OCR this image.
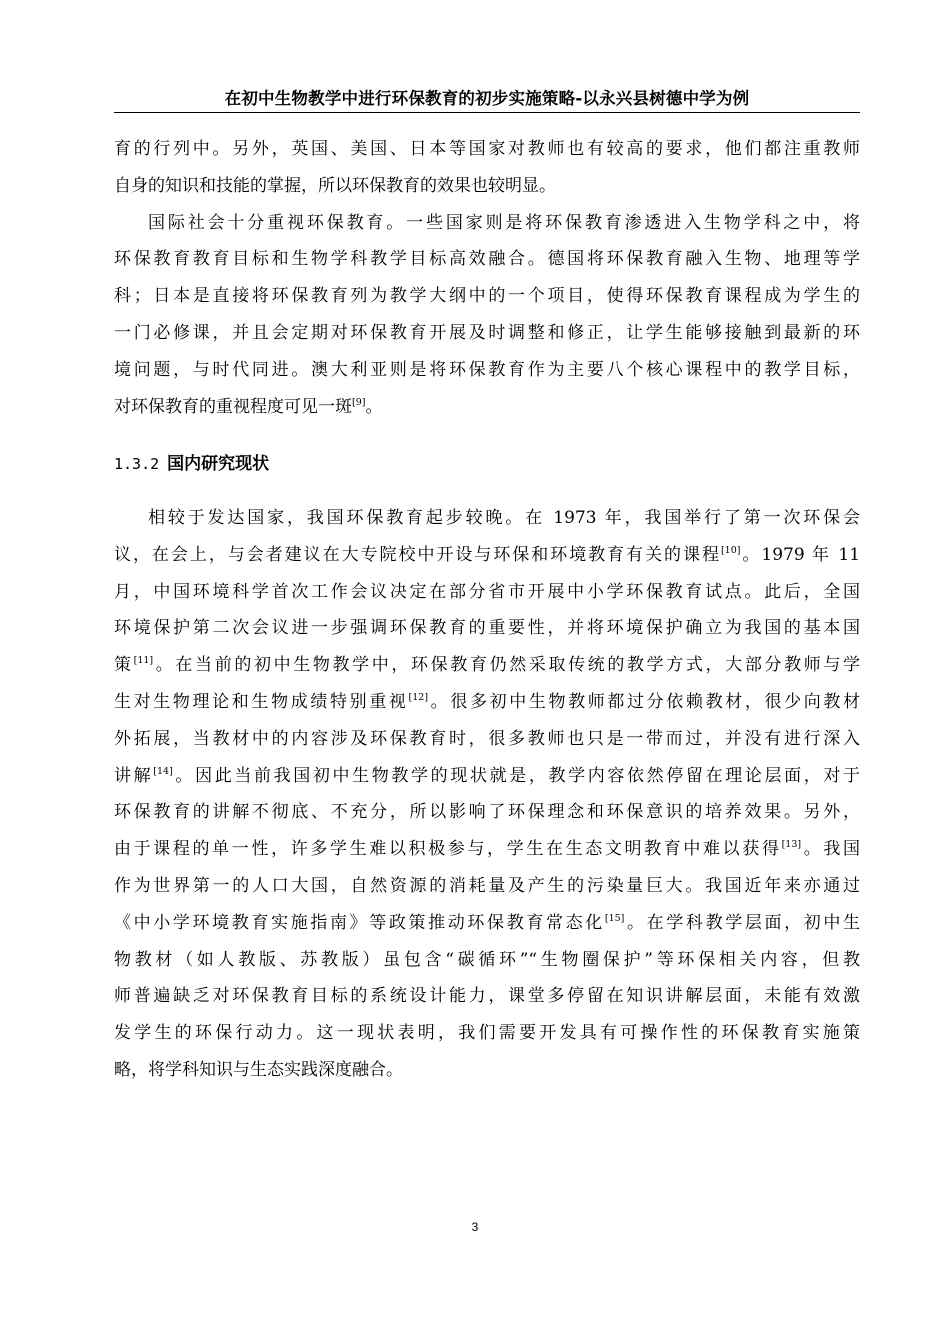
在初中生物教学中进行环保教育的初步实施策略-以永兴县树德中学为例
育的行列中。另外，英国、美国、日本等国家对教师也有较高的要求，他们都注重教师
自身的知识和技能的掌握，所以环保教育的效果也较明显。
国际社会十分重视环保教育。一些国家则是将环保教育渗透进入生物学科之中，将
环保教育教育目标和生物学科教学目标高效融合。德国将环保教育融入生物、地理等学
科；日本是直接将环保教育列为教学大纲中的一个项目，使得环保教育课程成为学生的
一门必修课，并且会定期对环保教育开展及时调整和修正，让学生能够接触到最新的环
境问题，与时代同进。澳大利亚则是将环保教育作为主要八个核心课程中的教学目标，
对环保教育的重视程度可见一斑[9]。
1.3.2 国内研究现状
相较于发达国家，我国环保教育起步较晚。在 1973 年，我国举行了第一次环保会
议，在会上，与会者建议在大专院校中开设与环保和环境教育有关的课程[10]。1979 年 11
月，中国环境科学首次工作会议决定在部分省市开展中小学环保教育试点。此后，全国
环境保护第二次会议进一步强调环保教育的重要性，并将环境保护确立为我国的基本国
策[11]。在当前的初中生物教学中，环保教育仍然采取传统的教学方式，大部分教师与学
生对生物理论和生物成绩特别重视[12]。很多初中生物教师都过分依赖教材，很少向教材
外拓展，当教材中的内容涉及环保教育时，很多教师也只是一带而过，并没有进行深入
讲解[14]。因此当前我国初中生物教学的现状就是，教学内容依然停留在理论层面，对于
环保教育的讲解不彻底、不充分，所以影响了环保理念和环保意识的培养效果。另外，
由于课程的单一性，许多学生难以积极参与，学生在生态文明教育中难以获得[13]。我国
作为世界第一的人口大国，自然资源的消耗量及产生的污染量巨大。我国近年来亦通过
《中小学环境教育实施指南》等政策推动环保教育常态化[15]。在学科教学层面，初中生
物教材（如人教版、苏教版）虽包含“碳循环”“生物圈保护”等环保相关内容，但教
师普遍缺乏对环保教育目标的系统设计能力，课堂多停留在知识讲解层面，未能有效激
发学生的环保行动力。这一现状表明，我们需要开发具有可操作性的环保教育实施策
略，将学科知识与生态实践深度融合。
3
